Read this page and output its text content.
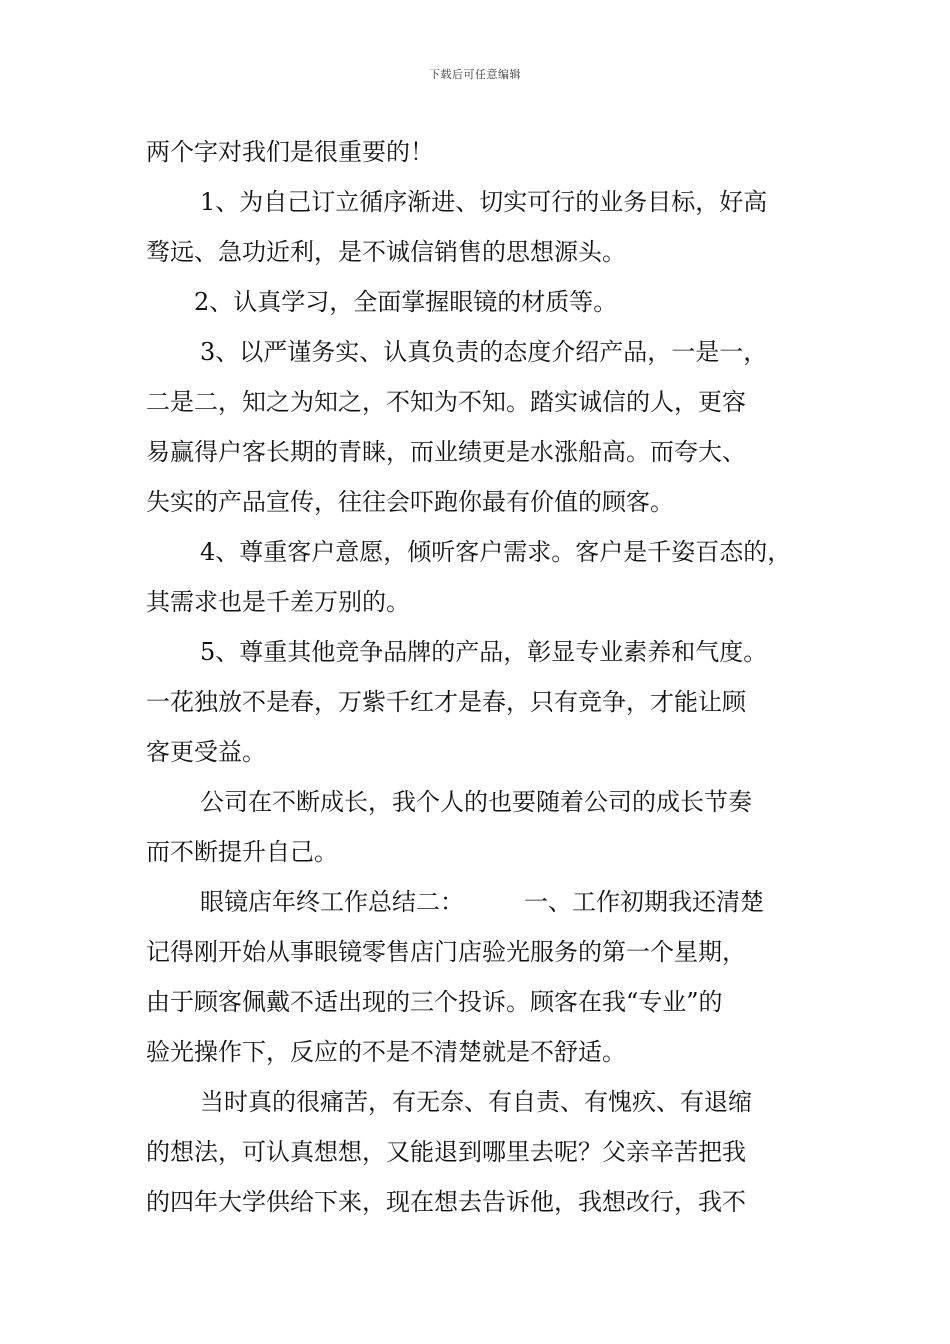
下载后可任意编辑
两个字对我们是很重要的！
1、为自己订立循序渐进、切实可行的业务目标，好高
骛远、急功近利，是不诚信销售的思想源头。
2、认真学习，全面掌握眼镜的材质等。
3、以严谨务实、认真负责的态度介绍产品，一是一，
二是二，知之为知之，不知为不知。踏实诚信的人，更容
易赢得户客长期的青睐，而业绩更是水涨船高。而夸大、
失实的产品宣传，往往会吓跑你最有价值的顾客。
4、尊重客户意愿，倾听客户需求。客户是千姿百态的，
其需求也是千差万别的。
5、尊重其他竞争品牌的产品，彰显专业素养和气度。
一花独放不是春，万紫千红才是春，只有竞争，才能让顾
客更受益。
公司在不断成长，我个人的也要随着公司的成长节奏
而不断提升自己。
眼镜店年终工作总结二：　　　一、工作初期我还清楚
记得刚开始从事眼镜零售店门店验光服务的第一个星期，
由于顾客佩戴不适出现的三个投诉。顾客在我“专业”的
验光操作下，反应的不是不清楚就是不舒适。
当时真的很痛苦，有无奈、有自责、有愧疚、有退缩
的想法，可认真想想，又能退到哪里去呢？父亲辛苦把我
的四年大学供给下来，现在想去告诉他，我想改行，我不
